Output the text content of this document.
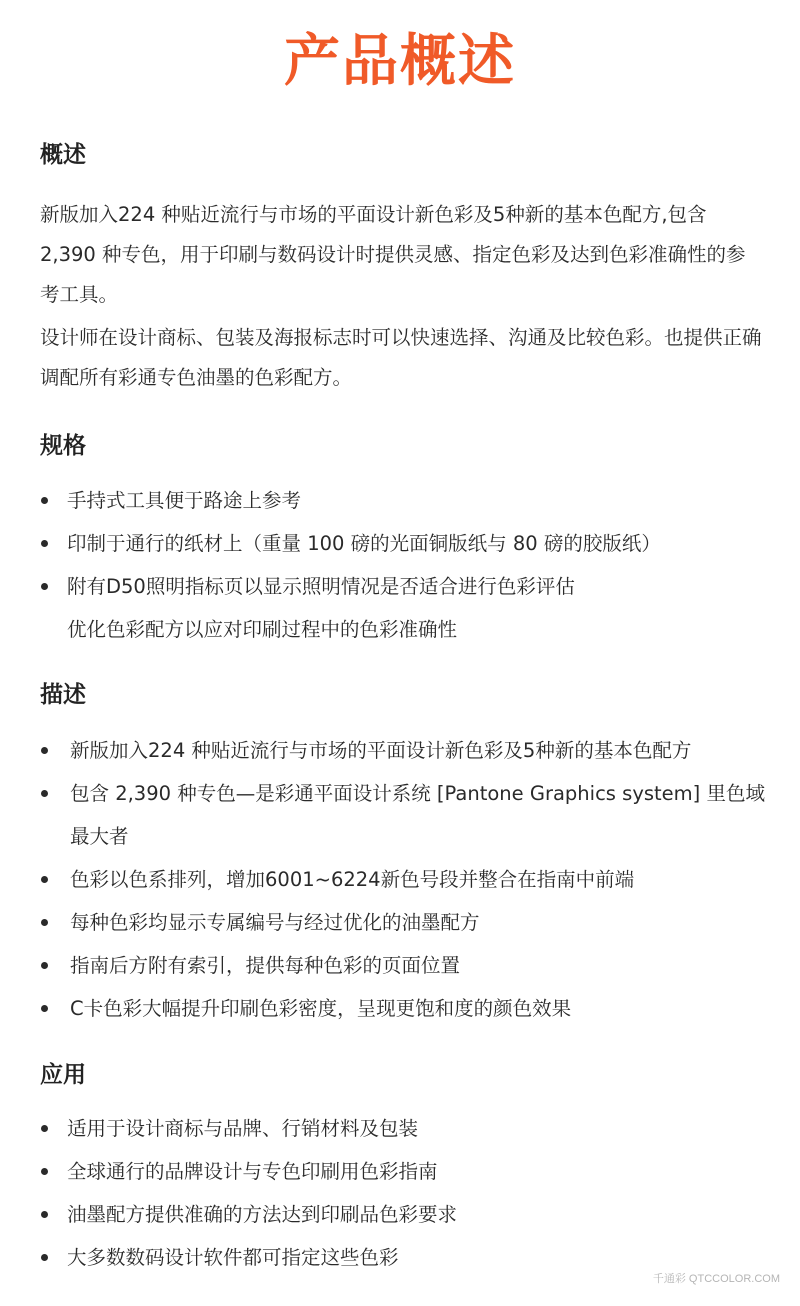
产品概述
概述
新版加入224 种贴近流行与市场的平面设计新色彩及5种新的基本色配方,包含 2,390 种专色，用于印刷与数码设计时提供灵感、指定色彩及达到色彩准确性的参考工具。
设计师在设计商标、包装及海报标志时可以快速选择、沟通及比较色彩。也提供正确调配所有彩通专色油墨的色彩配方。
规格
手持式工具便于路途上参考
印制于通行的纸材上（重量 100 磅的光面铜版纸与 80 磅的胶版纸）
附有D50照明指标页以显示照明情况是否适合进行色彩评估
优化色彩配方以应对印刷过程中的色彩准确性
描述
新版加入224 种贴近流行与市场的平面设计新色彩及5种新的基本色配方
包含 2,390 种专色—是彩通平面设计系统 [Pantone Graphics system] 里色域最大者
色彩以色系排列，增加6001~6224新色号段并整合在指南中前端
每种色彩均显示专属编号与经过优化的油墨配方
指南后方附有索引，提供每种色彩的页面位置
C卡色彩大幅提升印刷色彩密度，呈现更饱和度的颜色效果
应用
适用于设计商标与品牌、行销材料及包装
全球通行的品牌设计与专色印刷用色彩指南
油墨配方提供准确的方法达到印刷品色彩要求
大多数数码设计软件都可指定这些色彩
千通彩 QTCCOLOR.COM
